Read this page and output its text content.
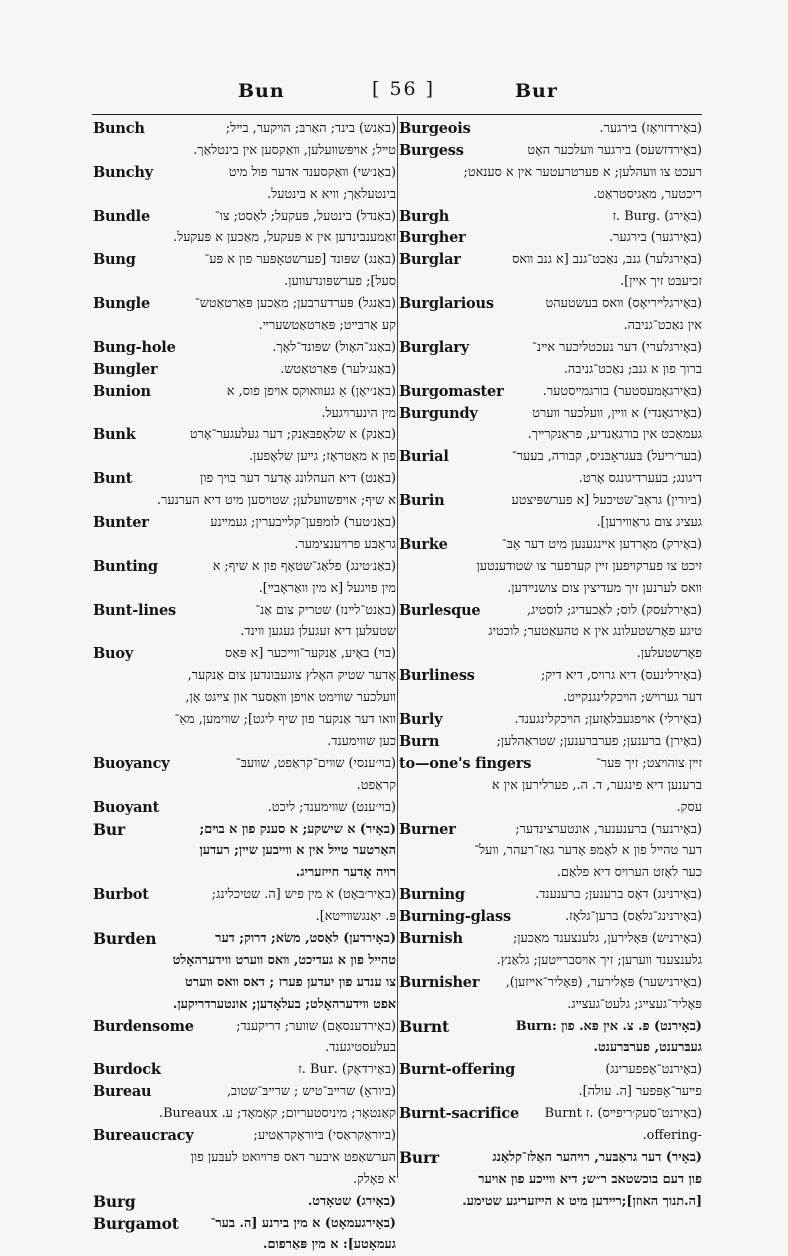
Bun	[ 56 ]	Bur
Bunch	(באַנש) בינד; האַרבּ; הױקער, בײל;
טײל; אױפּשװעלען, װאַקסען אין בינטלאַך.
Bunchy	(באַנ׳שי) װאַקסענד אדער פול מיט
בינטעלאַך; װיא א בינטעל.
Bundle	(באַנדל) בינטעל, פּעקעל; לאַסט; צו־
זאַמענבינדען אין א פּעקעל, מאַכען א פּעקעל.
Bung	(באַנג) שפּונד [פערשטאָפּער פון א פּע־
סעל]; פערשפּונדעווען.
Bungle	(באַנגל) פּערדערבען; מאַכען פּאַרטאַטש־
קע אַרבּײט; פּאַרטאַטשערײ.
Bung-hole	(באַנג־האָול) שפּונד־לאָך.
Bungler	(באַנג׳לער) פּאַרטאַטש.
Bunion	(באַנ׳יאָן) אַ געװאוקס אױפן פוס, א
מין הינערױגעל.
Bunk	(באַנק) א שלאָפבּאַנק; דער געלעגער־אָרט
פון א מאַטראָז; גײען שלאָפען.
Bunt	(באַנט) דיא העהלונג אָדער דער בױך פון
א שיף; אױפשװעלען; שטױסען מיט דיא הערנער.
Bunter	(באַנ׳טער) לומפּען־קלײבערין; געמײנע
גראַבּע פרױענצימער.
Bunting	(באַנ׳טינג) פלאַג־שטאָף פון א שיף; א
מין פױגעל [א מין װאַראָבײ].
Bunt-lines	(באַנט־לײנז) שטריק צום אַנ־
שטעלען דיא זעגעלן געגען װינד.
Buoy	(בױ) באָיע, אַנקער־װײכער [א פּאַס
אָדער שטיק האָלץ צוגעבּונדען צום אַנקער,
װעלכער שװימט אױפן װאַסער און צײגט אָן,
װאו דער אַנקער פון שיף ליגט]; שװימען, מאַ־
כען שװימענד.
Buoyancy	(בױ׳ענסי) שװים־קראַפט, שװעבּ־
קראַפט.
Buoyant	(בױ׳ענט) שװימענד; ליכט.
Bur	(באָיר) א שישקע; א סענק פון א בױם;
האַרטער טײל אין א װײבען שײן; רעדען
רױה אָדער חײזעריג.
Burbot	(באָיר׳באָט) א מין פיש [ה. שטיכלינג;
פּ. יאַנגשװײטא].
Burden	(באָירדען) לאַסט, משׂא; דרוק; דער
טהײל פון א געדיכט, װאס װערט װידערהאָלט
צו ענדע פון יעדען פערז ; דאס װאס װערט
אפט װידערהאָלט; בעלאָדען; אונטערדריקען.
Burdensome	(באָירדענסאָם) שװער; דריקענד;
בעלעסטיגענד.
Burdock	(באָירדאָק) .Bur .ז
Bureau	(ביוראָ) שרײבּ־טיש ; שרײבּ־שטוב,
קאַנטאָר; מיניסטעריום; קאָמאָד; ע. Bureaux.
Bureaucracy	(ביוראָקראַסי) בּיוראָקראַטיע;
הערשאַפט איבער דאס פּרױואט לעבּען פון
א פאָלק.
Burg	(באָירג) שטאָדט.
Burgamot	(באָירגעמאָט) א מין בירנע [ה. בער־
געמאָטע]: א מין פּאַרפום.
Burgeois	(באָירדזױאָז) בירגער.
Burgess	(באָירדזשעס) בירגער װעלכער האָט
רעכט צו װעהלען; א פערטרעטער אין א סענאט;
ריכטער, מאַגיסטראַט.
Burgh	(באָירג) .Burg .ז
Burgher	(באָירגער) בירגער.
Burglar	(באָירגלער) גנב, נאַכט־גנב [א גנב װאס
זכיעבּט זיך אײן].
Burglarious	(באָירגלײריאָס) װאס בעשטעהט
אין נאַכט־גניבה.
Burglary	(באָירגלערי) דער נעכטליכער אײנ־
ברוך פון א גנב; נאַכט־גניבה.
Burgomaster	(באָירגאָמעסטער) בורגמײסטער.
Burgundy	(באָירגאָנדי) א װײן, װעלכער װערט
געמאַכט אין בורגאַנדיע, פראַנקרײך.
Burial	(בער׳ריעל) בּעגראָבּניס, קבורה, בעער־
דיגונג; בעערדיגונגס אָרט.
Burin	(ביורין) גראַבּ־שטיכעל [א פערשפּיצטע
געציג צום גראַװירען].
Burke	(באָירק) מאָרדען אײנגענען מיט דער אַבּ־
זיכט צו פערקױפען זײן קערפער צו שטודענטען
װאס לערנען זיך מעדיצין צום צושנײדען.
Burlesque	(באָירלעסק) לוס; לאַכעדיג; לוסטיג,
טיגע פאָרשטעלונג אין א טהעאַטער; לוכטיג
פאָרשטעלען.
Burliness	(באָירלינעס) דיא גרױס, דיא דיק;
דער גערױש; הױכקלינגנקײט.
Burly	(באָירלי) אױפגעבּלאָזען; הױכקלינגענד.
Burn	(באָירן) ברענען; פערברענען; שטראַהלען;
to—one's fingers	זײן צוהױצט; זיך פּער־
ברענען דיא פינגער, ד. ה., פערלירען אין א
עסק.
Burner	(באָירנער) ברענענער, אונטערצינדער;
דער טהײל פון א לאָמפּ אָדער גאַז־רעהר, װעל־
כער לאָזט הערױס דיא פלאַם.
Burning	(באָירנינג) דאָס ברענען; ברענענד.
Burning-glass	(באָירנינג־גלאַס) ברען־גלאָז.
Burnish	(באָירניש) פּאָלירען, גלענצענד מאַכען;
גלענצענד װערען; זיך אױסברײטען; גלאַנץ.
Burnisher	(באָירנישער) פּאָלירער, (פּאָליר־אײזען),
פּאָליר־געצײג; גלעט־געצײג.
Burnt	(באָירנט) פּ. צ. אין פּא. פון :Burn
געבּרענט, פערבּרענט.
Burnt-offering	(באָירנט־אָפפערינג)
פײער־אָפּפער [ה. עולה].
Burnt-sacrifice	(באָירנט־סעק׳ריפײס) .ז Burnt
-offering.
Burr	(באָיר) דער גראַבּער, רױהער האַלז־קלאַנג
פון דעם בוכשטאב ר״ש; דיא װײכע פון אויער
[ה.תנוך האוזן];רײדען מיט א הײזעריגע שטימע.
